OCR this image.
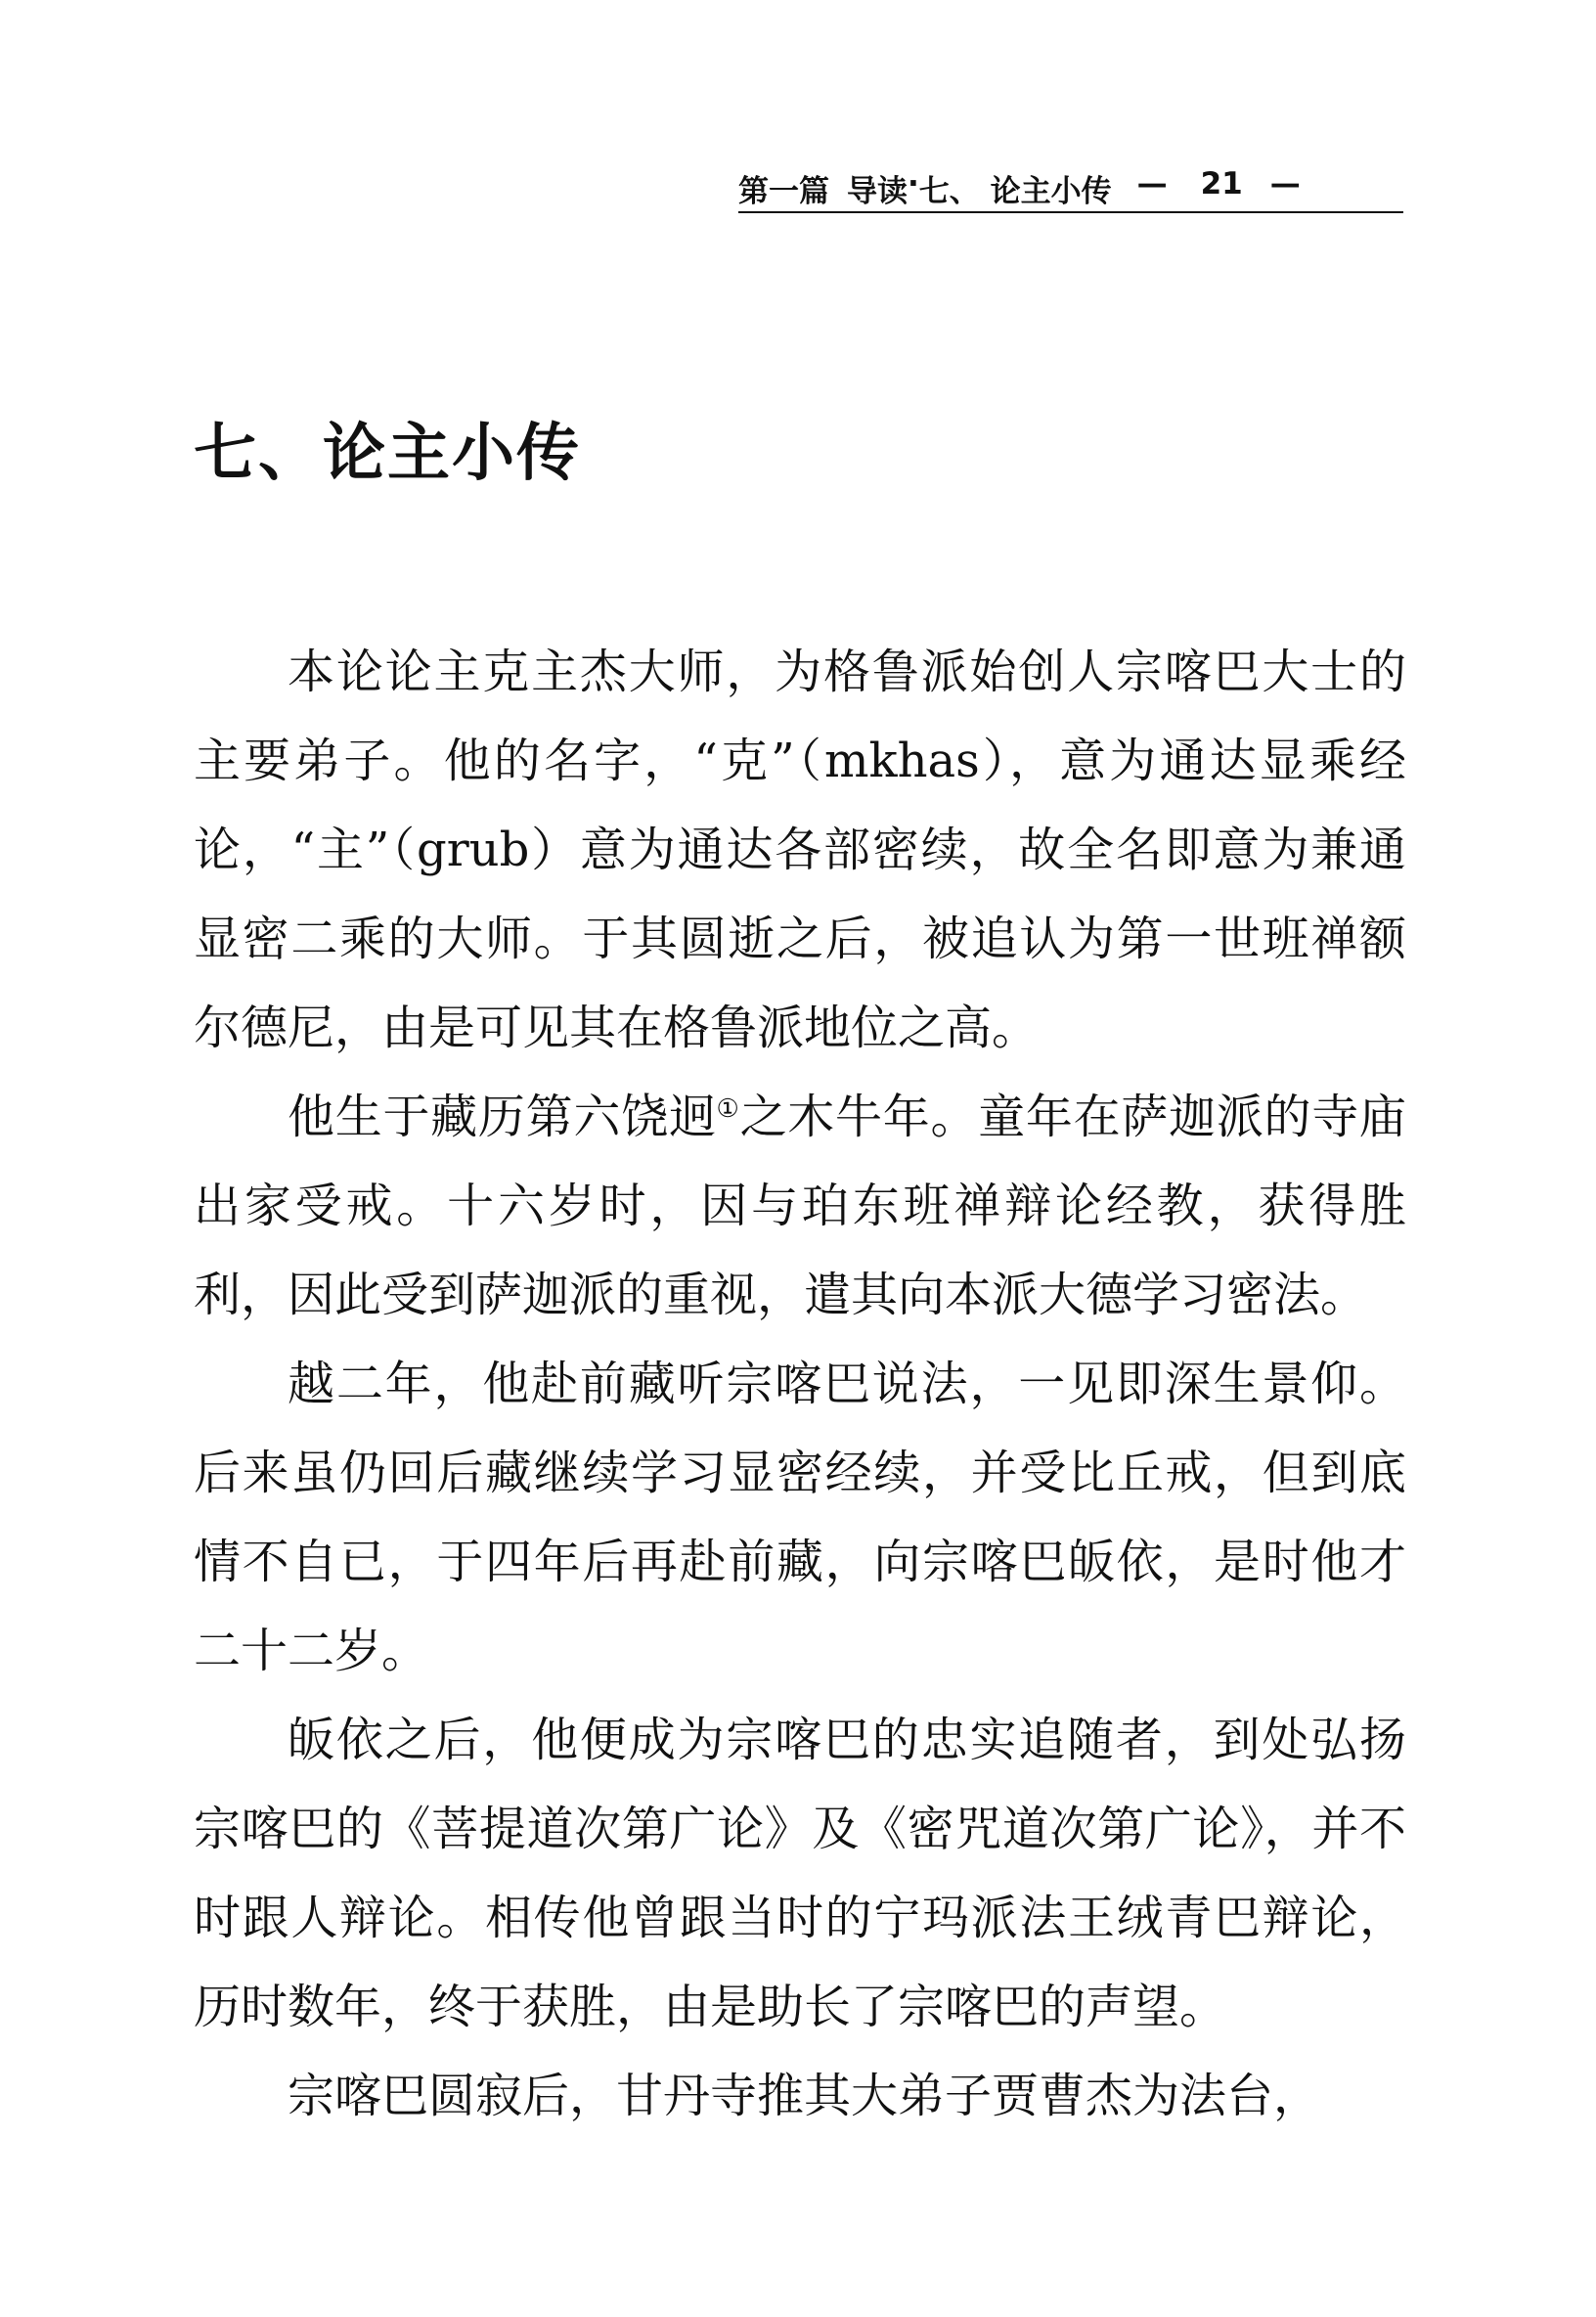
第一篇 导读 · 七、 论主小传 — 21 —
七、论主小传

本论论主克主杰大师，为格鲁派始创人宗喀巴大士的主要弟子。他的名字，“克”（mkhas），意为通达显乘经论，“主”（grub）意为通达各部密续，故全名即意为兼通显密二乘的大师。于其圆逝之后，被追认为第一世班禅额尔德尼，由是可见其在格鲁派地位之高。

他生于藏历第六饶迥①之木牛年。童年在萨迦派的寺庙出家受戒。十六岁时，因与珀东班禅辩论经教，获得胜利，因此受到萨迦派的重视，遣其向本派大德学习密法。

越二年，他赴前藏听宗喀巴说法，一见即深生景仰。后来虽仍回后藏继续学习显密经续，并受比丘戒，但到底情不自已，于四年后再赴前藏，向宗喀巴皈依，是时他才二十二岁。

皈依之后，他便成为宗喀巴的忠实追随者，到处弘扬宗喀巴的《菩提道次第广论》及《密咒道次第广论》，并不时跟人辩论。相传他曾跟当时的宁玛派法王绒青巴辩论，历时数年，终于获胜，由是助长了宗喀巴的声望。

宗喀巴圆寂后，甘丹寺推其大弟子贾曹杰为法台，
